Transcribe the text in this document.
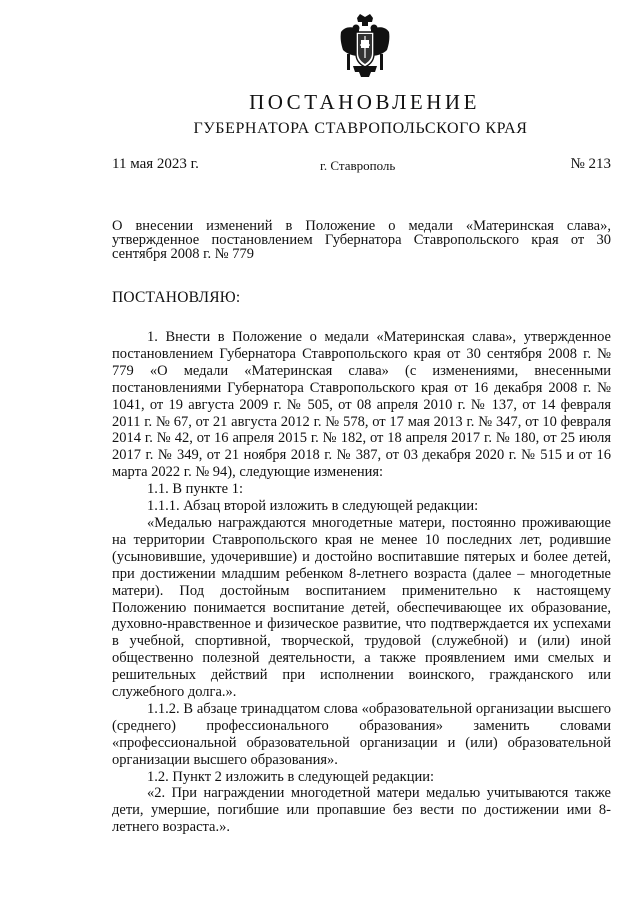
ПОСТАНОВЛЕНИЕ
ГУБЕРНАТОРА СТАВРОПОЛЬСКОГО КРАЯ
11 мая 2023 г.	г. Ставрополь	№ 213

О внесении изменений в Положение о медали «Материнская слава», утвержденное постановлением Губернатора Ставропольского края от 30 сентября 2008 г. № 779

ПОСТАНОВЛЯЮ:

1. Внести в Положение о медали «Материнская слава», утвержденное постановлением Губернатора Ставропольского края от 30 сентября 2008 г. № 779 «О медали «Материнская слава» (с изменениями, внесенными постановлениями Губернатора Ставропольского края от 16 декабря 2008 г. № 1041, от 19 августа 2009 г. № 505, от 08 апреля 2010 г. № 137, от 14 февраля 2011 г. № 67, от 21 августа 2012 г. № 578, от 17 мая 2013 г. № 347, от 10 февраля 2014 г. № 42, от 16 апреля 2015 г. № 182, от 18 апреля 2017 г. № 180, от 25 июля 2017 г. № 349, от 21 ноября 2018 г. № 387, от 03 декабря 2020 г. № 515 и от 16 марта 2022 г. № 94), следующие изменения:

1.1. В пункте 1:

1.1.1. Абзац второй изложить в следующей редакции:

«Медалью награждаются многодетные матери, постоянно проживающие на территории Ставропольского края не менее 10 последних лет, родившие (усыновившие, удочерившие) и достойно воспитавшие пятерых и более детей, при достижении младшим ребенком 8-летнего возраста (далее – многодетные матери). Под достойным воспитанием применительно к настоящему Положению понимается воспитание детей, обеспечивающее их образование, духовно-нравственное и физическое развитие, что подтверждается их успехами в учебной, спортивной, творческой, трудовой (служебной) и (или) иной общественно полезной деятельности, а также проявлением ими смелых и решительных действий при исполнении воинского, гражданского или служебного долга.».

1.1.2. В абзаце тринадцатом слова «образовательной организации высшего (среднего) профессионального образования» заменить словами «профессиональной образовательной организации и (или) образовательной организации высшего образования».

1.2. Пункт 2 изложить в следующей редакции:

«2. При награждении многодетной матери медалью учитываются также дети, умершие, погибшие или пропавшие без вести по достижении ими 8-летнего возраста.».
